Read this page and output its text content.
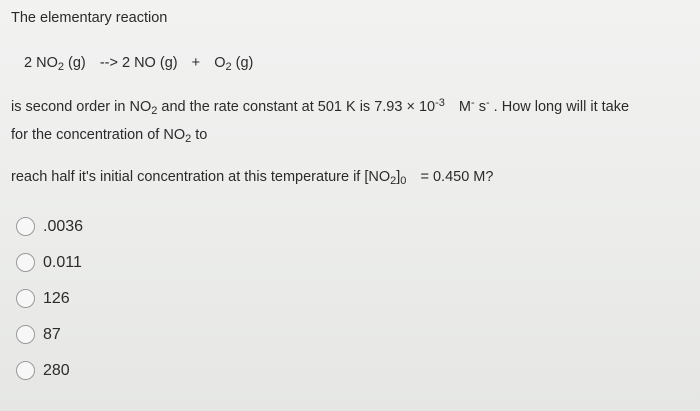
The elementary reaction
2 $NO_2$ (g) --> 2 NO $(g) + O_2$ (g)
is second order in $NO_2$ and the rate constant at 501 K is $7.93 \times 10^{-3}$ M- s- . How long will it take
for the concentration of $NO_2$ to
reach half it's initial concentration at this temperature if $[NO_2]_0 = 0.450$ M?
.0036
0.011
126
87
280
